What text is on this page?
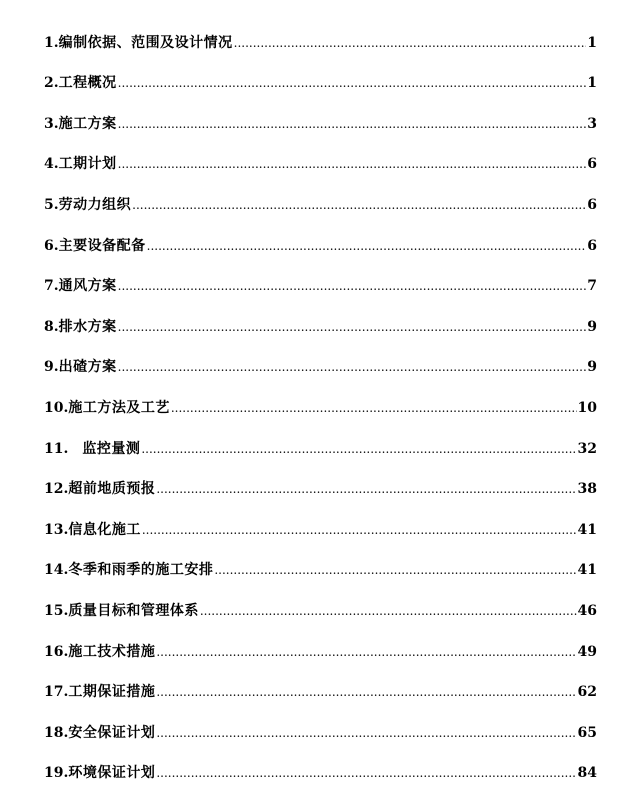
1. 编制依据、范围及设计情况 .....	1
2. 工程概况 .....	1
3. 施工方案 .....	3
4. 工期计划 .....	6
5. 劳动力组织 .....	6
6. 主要设备配备 .....	6
7. 通风方案 .....	7
8. 排水方案 .....	9
9. 出碴方案 .....	9
10. 施工方法及工艺 .....	10
11.	监控量测 .....	32
12. 超前地质预报 .....	38
13. 信息化施工 .....	41
14. 冬季和雨季的施工安排 .....	41
15. 质量目标和管理体系 .....	46
16. 施工技术措施 .....	49
17. 工期保证措施 .....	62
18. 安全保证计划 .....	65
19. 环境保证计划 .....	84
